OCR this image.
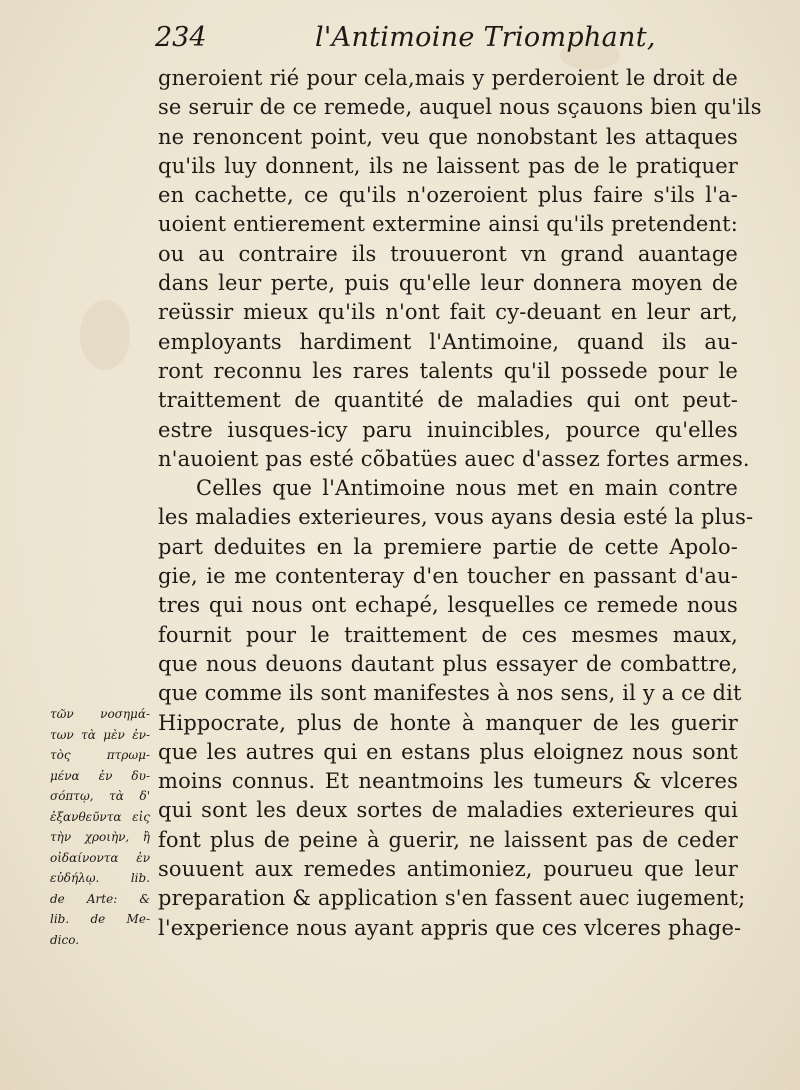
234	l'Antimoine Triomphant,
gneroient rié pour cela,mais y perderoient le droit de
se seruir de ce remede, auquel nous sçauons bien qu'ils
ne renoncent point, veu que nonobstant les attaques
qu'ils luy donnent, ils ne laissent pas de le pratiquer
en cachette, ce qu'ils n'ozeroient plus faire s'ils l'a-
uoient entierement extermine ainsi qu'ils pretendent:
ou au contraire ils trouueront vn grand auantage
dans leur perte, puis qu'elle leur donnera moyen de
reüssir mieux qu'ils n'ont fait cy-deuant en leur art,
employants hardiment l'Antimoine, quand ils au-
ront reconnu les rares talents qu'il possede pour le
traittement de quantité de maladies qui ont peut-
estre iusques-icy paru inuincibles, pource qu'elles
n'auoient pas esté cõbatües auec d'assez fortes armes.
Celles que l'Antimoine nous met en main contre
les maladies exterieures, vous ayans desia esté la plus-
part deduites en la premiere partie de cette Apolo-
gie, ie me contenteray d'en toucher en passant d'au-
tres qui nous ont echapé, lesquelles ce remede nous
fournit pour le traittement de ces mesmes maux,
que nous deuons dautant plus essayer de combattre,
que comme ils sont manifestes à nos sens, il y a ce dit
Hippocrate, plus de honte à manquer de les guerir
que les autres qui en estans plus eloignez nous sont
moins connus. Et neantmoins les tumeurs & vlceres
qui sont les deux sortes de maladies exterieures qui
font plus de peine à guerir, ne laissent pas de ceder
souuent aux remedes antimoniez, pourueu que leur
preparation & application s'en fassent auec iugement;
l'experience nous ayant appris que ces vlceres phage-
τῶν νοσημά-
των τὰ μὲν ἐν-
τὸς πτρωμ-
μένα ἐν δυ-
σόπτῳ, τὰ δ'
ἐξανθεῦντα εἰς
τὴν χροιὴν, ἢ
οἰδαίνοντα ἐν
εὐδήλῳ. lib.
de Arte: &
lib. de Me-
dico.
